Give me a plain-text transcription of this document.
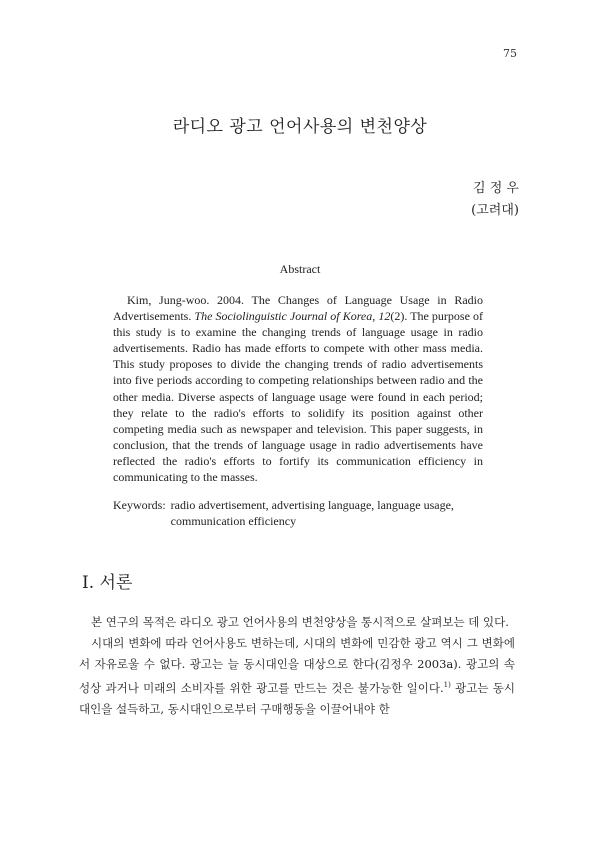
75
라디오 광고 언어사용의 변천양상
김 정 우
(고려대)
Abstract
Kim, Jung-woo. 2004. The Changes of Language Usage in Radio Advertisements. The Sociolinguistic Journal of Korea, 12(2). The purpose of this study is to examine the changing trends of language usage in radio advertisements. Radio has made efforts to compete with other mass media. This study proposes to divide the changing trends of radio advertisements into five periods according to competing relationships between radio and the other media. Diverse aspects of language usage were found in each period; they relate to the radio's efforts to solidify its position against other competing media such as newspaper and television. This paper suggests, in conclusion, that the trends of language usage in radio advertisements have reflected the radio's efforts to fortify its communication efficiency in communicating to the masses.
Keywords: radio advertisement, advertising language, language usage, communication efficiency
Ⅰ. 서론

본 연구의 목적은 라디오 광고 언어사용의 변천양상을 통시적으로 살펴보는 데 있다.

시대의 변화에 따라 언어사용도 변하는데, 시대의 변화에 민감한 광고 역시 그 변화에서 자유로울 수 없다. 광고는 늘 동시대인을 대상으로 한다(김정우 2003a). 광고의 속성상 과거나 미래의 소비자를 위한 광고를 만드는 것은 불가능한 일이다.$^{1)}$ 광고는 동시대인을 설득하고, 동시대인으로부터 구매행동을 이끌어내야 한
